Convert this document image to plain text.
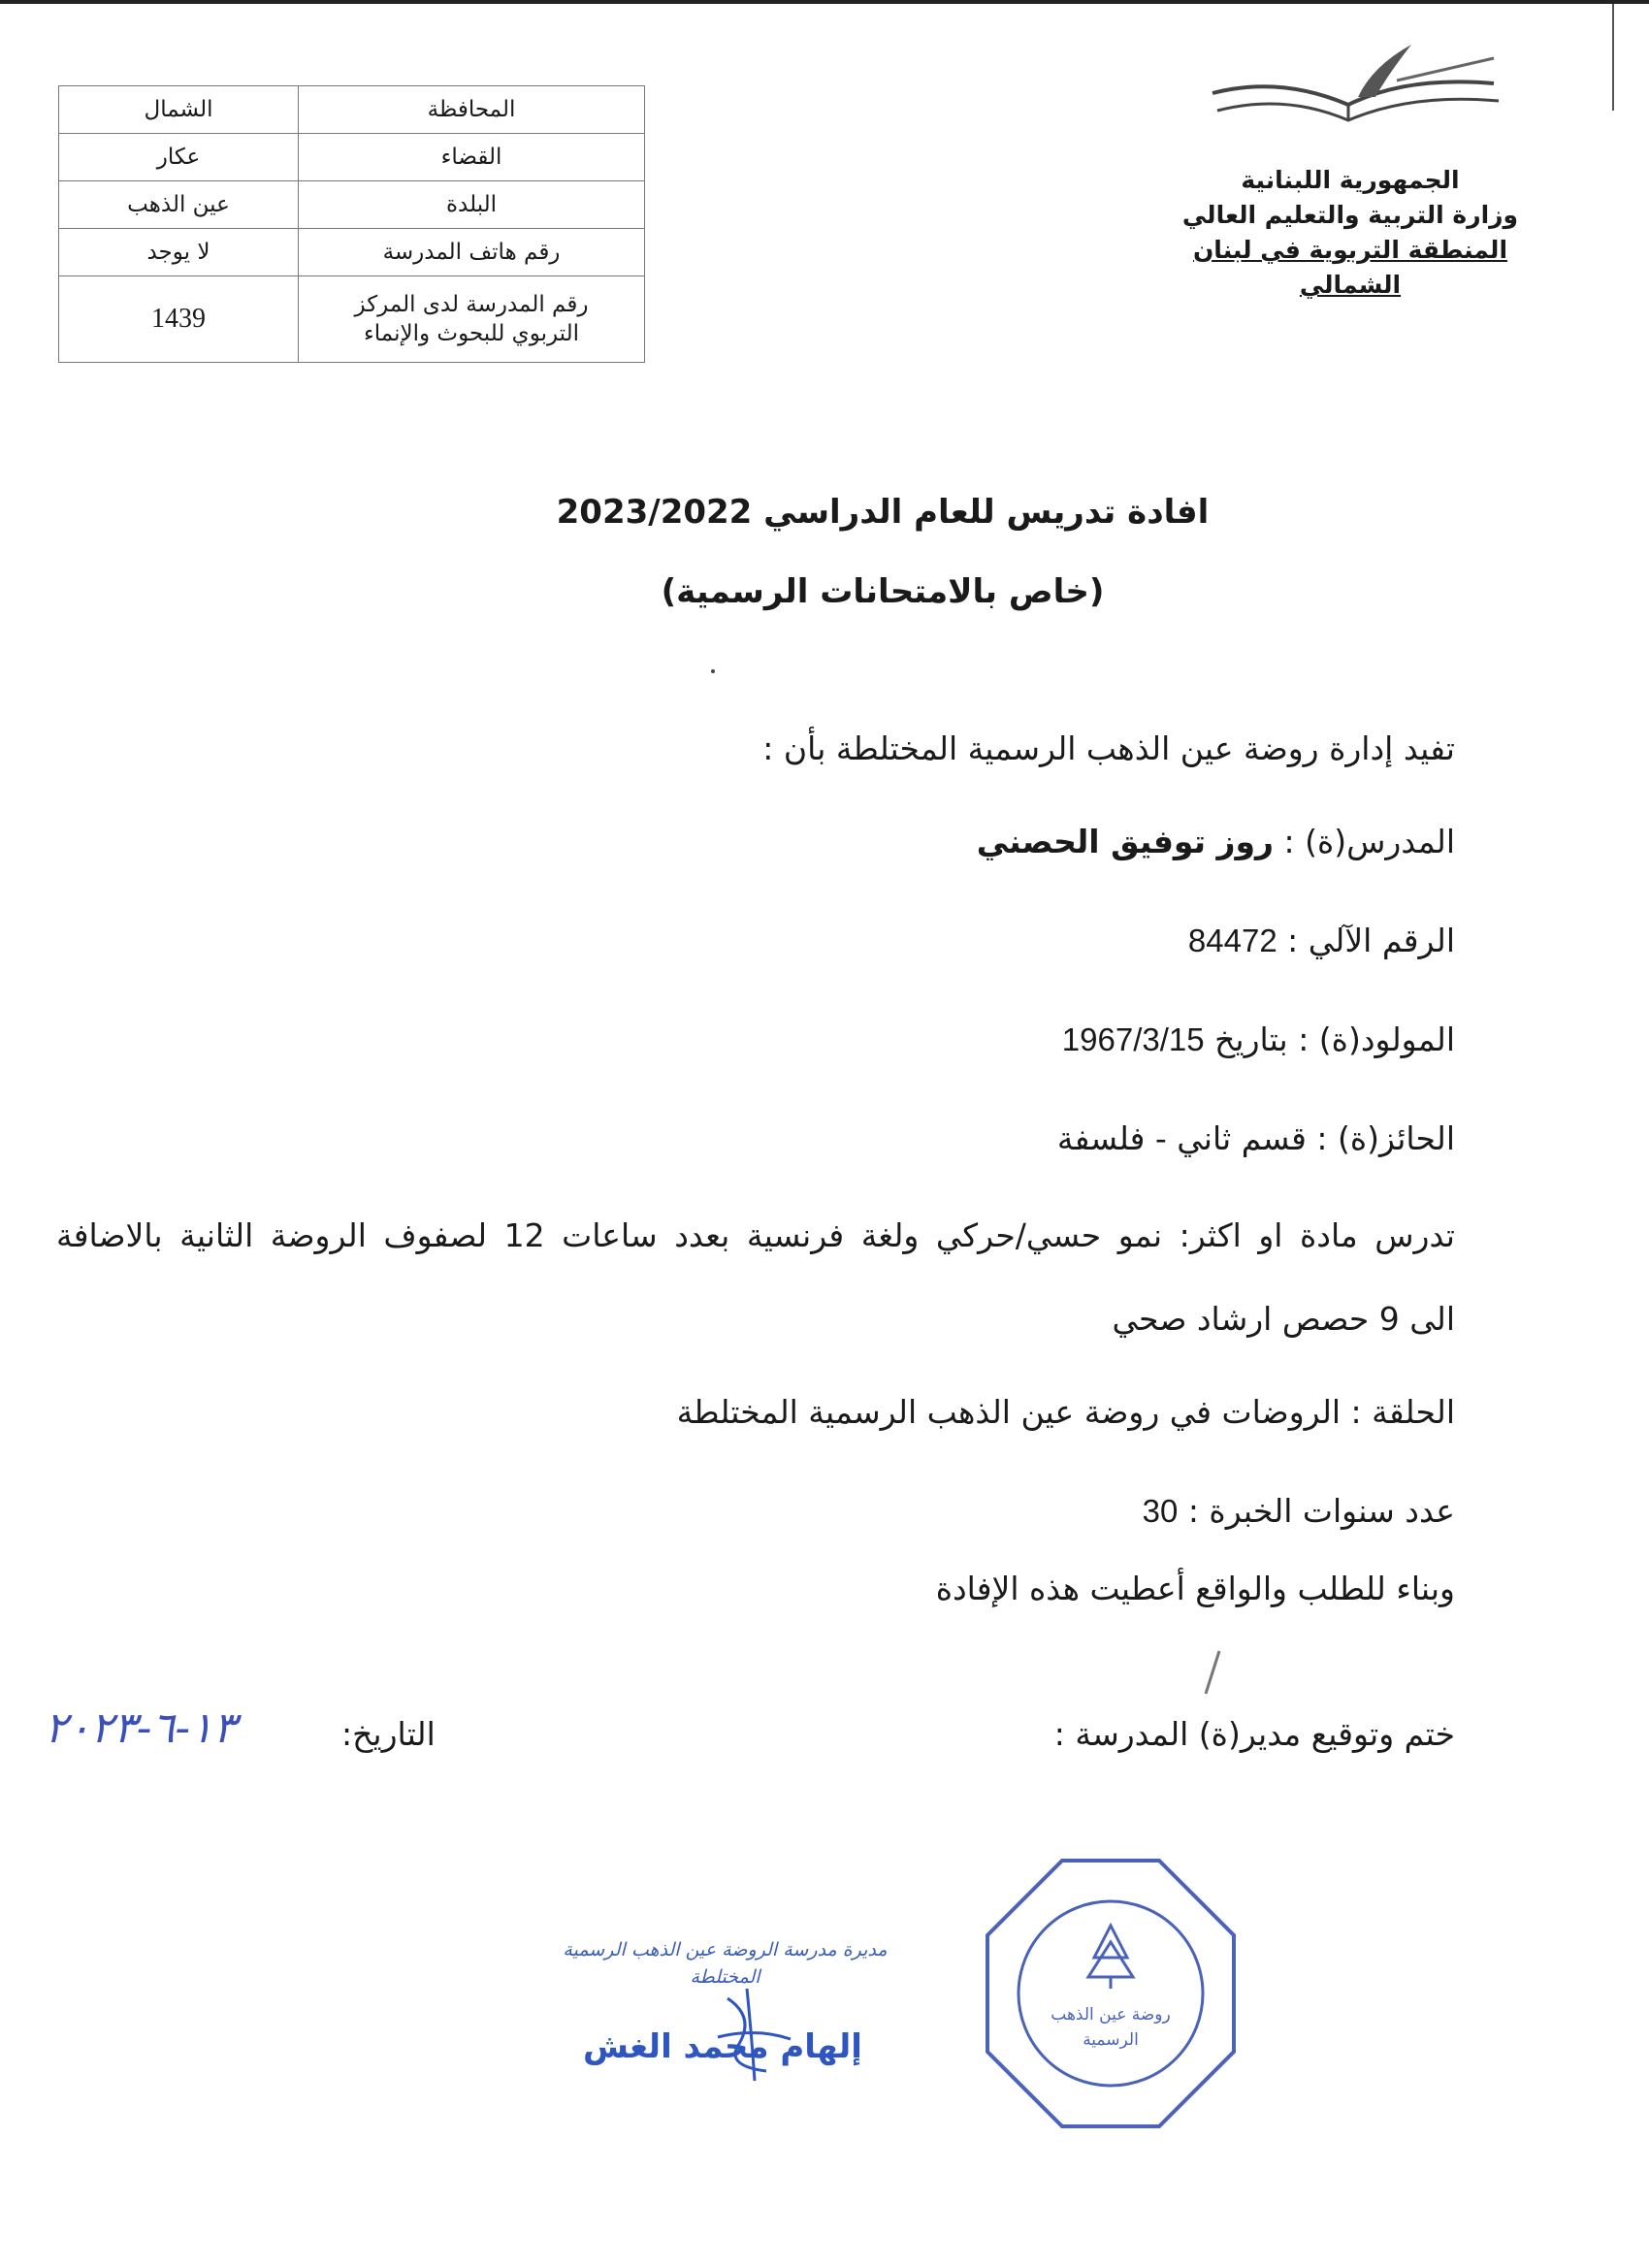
الجمهورية اللبنانية
وزارة التربية والتعليم العالي
المنطقة التربوية في لبنان الشمالي
المحافظة	الشمال
القضاء	عكار
البلدة	عين الذهب
رقم هاتف المدرسة	لا يوجد

رقم المدرسة لدى المركز
التربوي للبحوث والإنماء	1439
افادة تدريس للعام الدراسي 2023/2022
(خاص بالامتحانات الرسمية)
تفيد إدارة روضة عين الذهب الرسمية المختلطة بأن :
المدرس(ة) : روز توفيق الحصني
الرقم الآلي : 84472
المولود(ة) : بتاريخ 1967/3/15
الحائز(ة) : قسم ثاني - فلسفة
تدرس مادة او اكثر: نمو حسي/حركي ولغة فرنسية بعدد ساعات 12 لصفوف الروضة الثانية بالاضافة
الى 9 حصص ارشاد صحي
الحلقة : الروضات في روضة عين الذهب الرسمية المختلطة
عدد سنوات الخبرة : 30
وبناء للطلب والواقع أعطيت هذه الإفادة
ختم وتوقيع مدير(ة) المدرسة :
التاريخ:
١٣-٦-٢٠٢٣
روضة عين الذهب
الرسمية
مديرة مدرسة الروضة عين الذهب الرسمية
المختلطة
إلهام محمد الغش
